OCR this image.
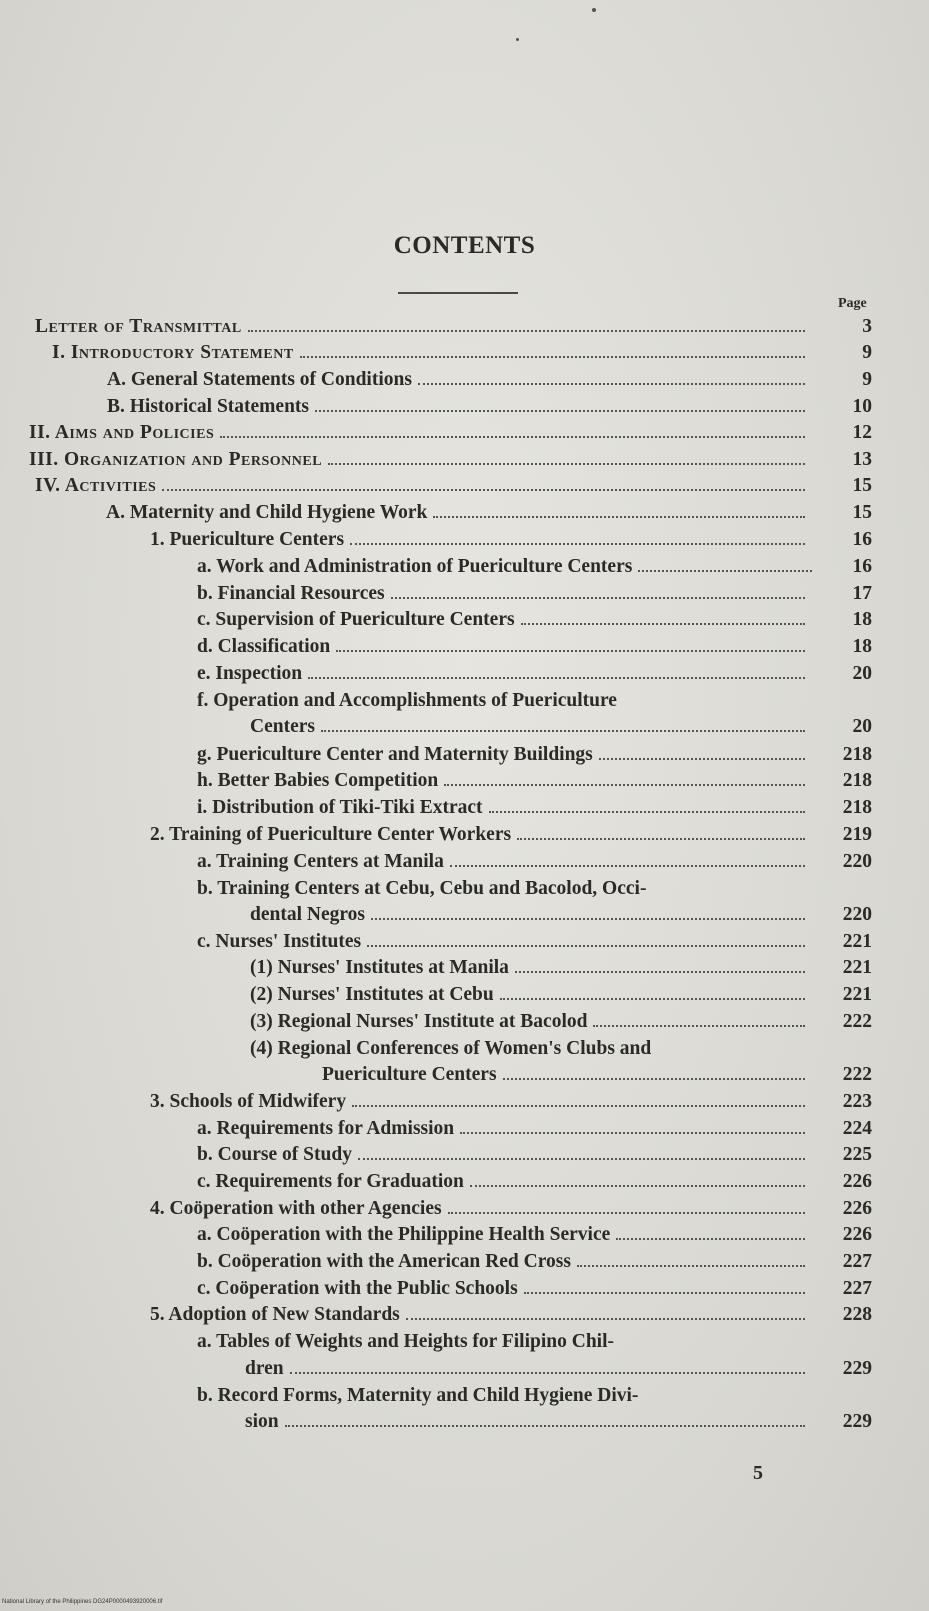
CONTENTS
Page
Letter of Transmittal	3
I. Introductory Statement	9
A. General Statements of Conditions	9
B. Historical Statements	10
II. Aims and Policies	12
III. Organization and Personnel	13
IV. Activities	15
A. Maternity and Child Hygiene Work	15
1. Puericulture Centers	16
a. Work and Administration of Puericulture Centers	16
b. Financial Resources	17
c. Supervision of Puericulture Centers	18
d. Classification	18
e. Inspection	20
f. Operation and Accomplishments of Puericulture
Centers	20
g. Puericulture Center and Maternity Buildings	218
h. Better Babies Competition	218
i. Distribution of Tiki-Tiki Extract	218
2. Training of Puericulture Center Workers	219
a. Training Centers at Manila	220
b. Training Centers at Cebu, Cebu and Bacolod, Occi-
dental Negros	220
c. Nurses' Institutes	221
(1) Nurses' Institutes at Manila	221
(2) Nurses' Institutes at Cebu	221
(3) Regional Nurses' Institute at Bacolod	222
(4) Regional Conferences of Women's Clubs and
Puericulture Centers	222
3. Schools of Midwifery	223
a. Requirements for Admission	224
b. Course of Study	225
c. Requirements for Graduation	226
4. Coöperation with other Agencies	226
a. Coöperation with the Philippine Health Service	226
b. Coöperation with the American Red Cross	227
c. Coöperation with the Public Schools	227
5. Adoption of New Standards	228
a. Tables of Weights and Heights for Filipino Chil-
dren	229
b. Record Forms, Maternity and Child Hygiene Divi-
sion	229
5
National Library of the Philippines DG24P0000493920006.tif
